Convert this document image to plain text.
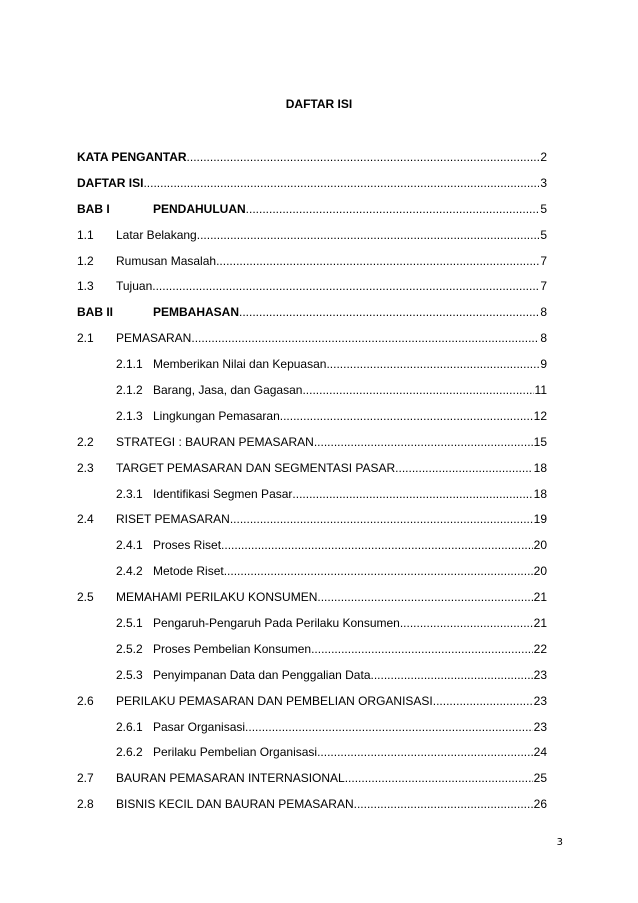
DAFTAR ISI
KATA PENGANTAR .....	2
DAFTAR ISI .....	3
BAB I	PENDAHULUAN .....	5
1.1	Latar Belakang .....	5
1.2	Rumusan Masalah .....	7
1.3	Tujuan .....	7
BAB II	PEMBAHASAN .....	8
2.1	PEMASARAN .....	8
2.1.1 Memberikan Nilai dan Kepuasan .....	9
2.1.2 Barang, Jasa, dan Gagasan .....	11
2.1.3 Lingkungan Pemasaran .....	12
2.2	STRATEGI : BAURAN PEMASARAN .....	15
2.3	TARGET PEMASARAN DAN SEGMENTASI PASAR .....	18
2.3.1 Identifikasi Segmen Pasar .....	18
2.4	RISET PEMASARAN .....	19
2.4.1 Proses Riset .....	20
2.4.2 Metode Riset .....	20
2.5	MEMAHAMI PERILAKU KONSUMEN .....	21
2.5.1 Pengaruh-Pengaruh Pada Perilaku Konsumen .....	21
2.5.2 Proses Pembelian Konsumen .....	22
2.5.3 Penyimpanan Data dan Penggalian Data .....	23
2.6	PERILAKU PEMASARAN DAN PEMBELIAN ORGANISASI .....	23
2.6.1 Pasar Organisasi .....	23
2.6.2 Perilaku Pembelian Organisasi .....	24
2.7	BAURAN PEMASARAN INTERNASIONAL .....	25
2.8	BISNIS KECIL DAN BAURAN PEMASARAN .....	26
3
